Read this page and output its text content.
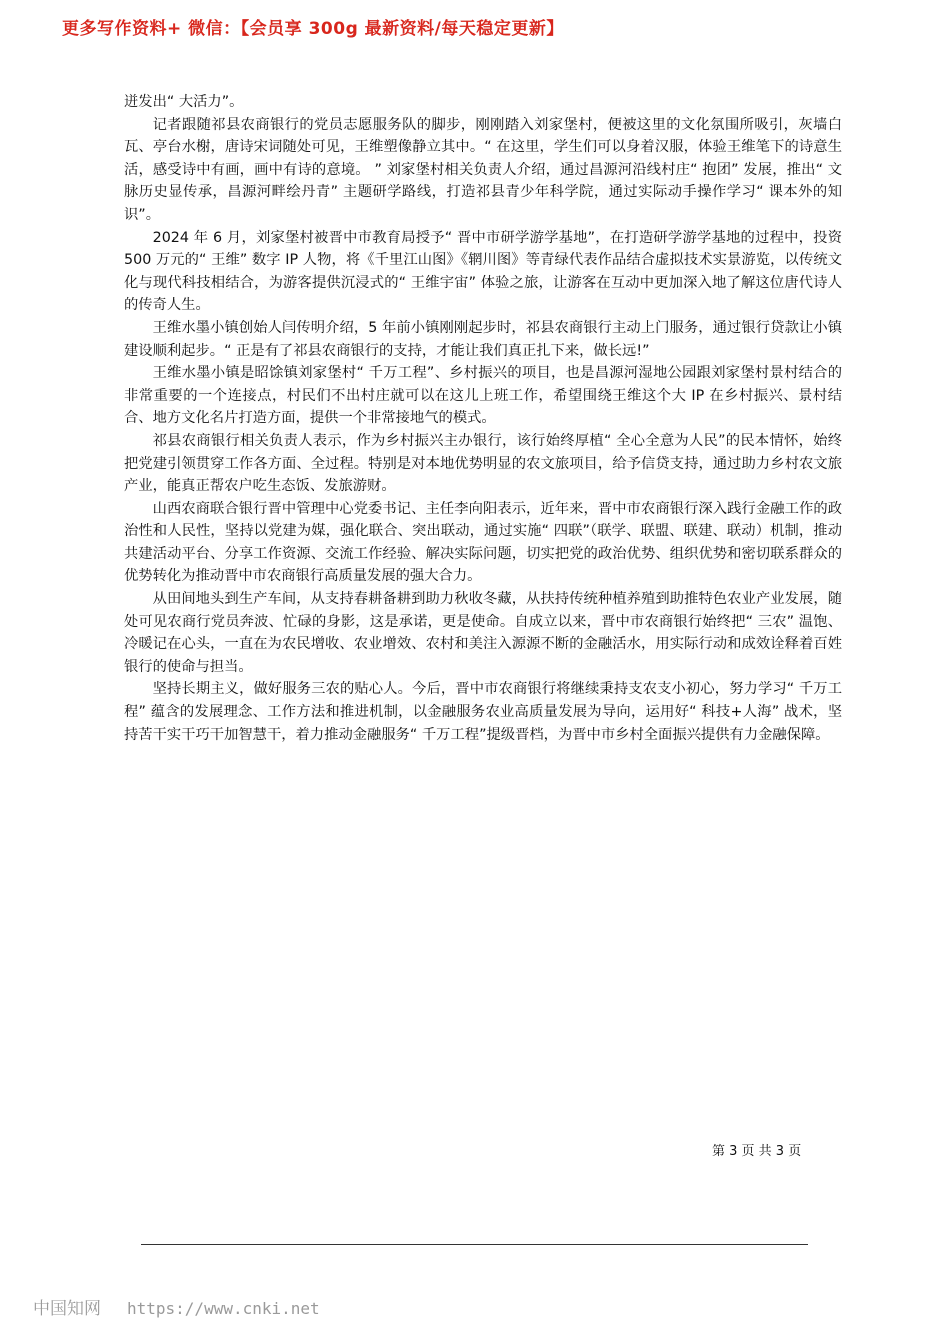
更多写作资料+ 微信：【会员享 300g 最新资料/每天稳定更新】

迸发出“ 大活力”。

记者跟随祁县农商银行的党员志愿服务队的脚步，刚刚踏入刘家堡村，便被这里的文化氛围所吸引，灰墙白瓦、亭台水榭，唐诗宋词随处可见，王维塑像静立其中。“ 在这里，学生们可以身着汉服，体验王维笔下的诗意生活，感受诗中有画，画中有诗的意境。 ” 刘家堡村相关负责人介绍，通过昌源河沿线村庄“ 抱团” 发展，推出“ 文脉历史显传承，昌源河畔绘丹青” 主题研学路线，打造祁县青少年科学院，通过实际动手操作学习“ 课本外的知识”。

2024 年 6 月，刘家堡村被晋中市教育局授予“ 晋中市研学游学基地”，在打造研学游学基地的过程中，投资 500 万元的“ 王维” 数字 IP 人物，将《千里江山图》《辋川图》等青绿代表作品结合虚拟技术实景游览，以传统文化与现代科技相结合，为游客提供沉浸式的“ 王维宇宙” 体验之旅，让游客在互动中更加深入地了解这位唐代诗人的传奇人生。

王维水墨小镇创始人闫传明介绍，5 年前小镇刚刚起步时，祁县农商银行主动上门服务，通过银行贷款让小镇建设顺利起步。“ 正是有了祁县农商银行的支持，才能让我们真正扎下来，做长远!”

王维水墨小镇是昭馀镇刘家堡村“ 千万工程”、乡村振兴的项目，也是昌源河湿地公园跟刘家堡村景村结合的非常重要的一个连接点，村民们不出村庄就可以在这儿上班工作，希望围绕王维这个大 IP 在乡村振兴、景村结合、地方文化名片打造方面，提供一个非常接地气的模式。

祁县农商银行相关负责人表示，作为乡村振兴主办银行，该行始终厚植“ 全心全意为人民”的民本情怀，始终把党建引领贯穿工作各方面、全过程。特别是对本地优势明显的农文旅项目，给予信贷支持，通过助力乡村农文旅产业，能真正帮农户吃生态饭、发旅游财。

山西农商联合银行晋中管理中心党委书记、主任李向阳表示，近年来，晋中市农商银行深入践行金融工作的政治性和人民性，坚持以党建为媒，强化联合、突出联动，通过实施“ 四联”（联学、联盟、联建、联动）机制，推动共建活动平台、分享工作资源、交流工作经验、解决实际问题，切实把党的政治优势、组织优势和密切联系群众的优势转化为推动晋中市农商银行高质量发展的强大合力。

从田间地头到生产车间，从支持春耕备耕到助力秋收冬藏，从扶持传统种植养殖到助推特色农业产业发展，随处可见农商行党员奔波、忙碌的身影，这是承诺，更是使命。自成立以来，晋中市农商银行始终把“ 三农” 温饱、冷暖记在心头，一直在为农民增收、农业增效、农村和美注入源源不断的金融活水，用实际行动和成效诠释着百姓银行的使命与担当。

坚持长期主义，做好服务三农的贴心人。今后，晋中市农商银行将继续秉持支农支小初心，努力学习“ 千万工程” 蕴含的发展理念、工作方法和推进机制，以金融服务农业高质量发展为导向，运用好“ 科技+人海” 战术，坚持苦干实干巧干加智慧干，着力推动金融服务“ 千万工程”提级晋档，为晋中市乡村全面振兴提供有力金融保障。

第 3 页 共 3 页
中国知网 https://www.cnki.net
